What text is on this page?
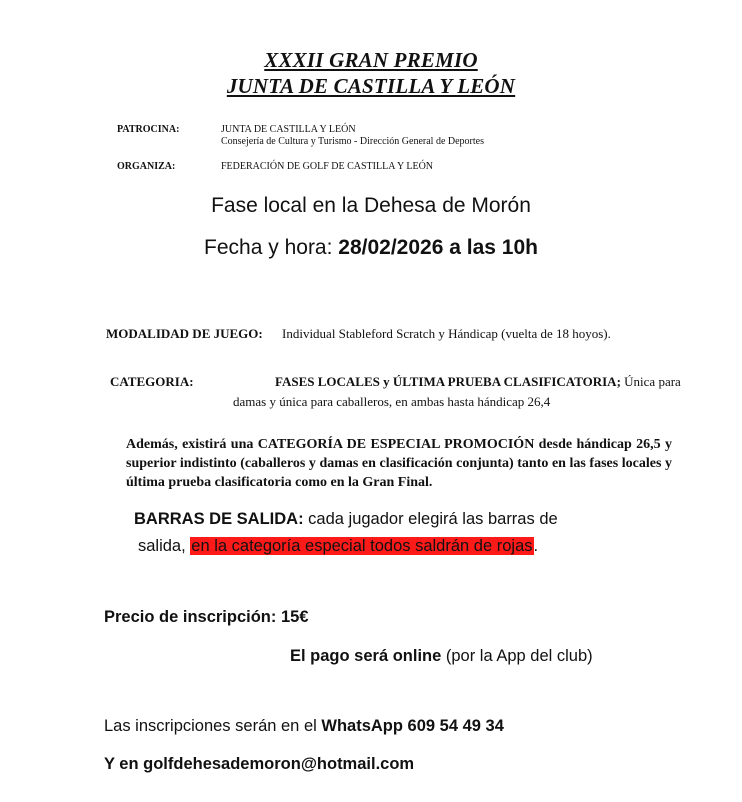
XXXII GRAN PREMIO
JUNTA DE CASTILLA Y LEÓN
PATROCINA:	JUNTA DE CASTILLA Y LEÓN
Consejería de Cultura y Turismo - Dirección General de Deportes
ORGANIZA:	FEDERACIÓN DE GOLF DE CASTILLA Y LEÓN
Fase local en la Dehesa de Morón
Fecha y hora: 28/02/2026 a las 10h
MODALIDAD DE JUEGO: Individual Stableford Scratch y Hándicap (vuelta de 18 hoyos).
CATEGORIA:	FASES LOCALES y ÚLTIMA PRUEBA CLASIFICATORIA; Única para
damas y única para caballeros, en ambas hasta hándicap 26,4
Además, existirá una CATEGORÍA DE ESPECIAL PROMOCIÓN desde hándicap 26,5 y superior indistinto (caballeros y damas en clasificación conjunta) tanto en las fases locales y última prueba clasificatoria como en la Gran Final.
BARRAS DE SALIDA: cada jugador elegirá las barras de
salida, en la categoría especial todos saldrán de rojas.
Precio de inscripción: 15€
El pago será online (por la App del club)
Las inscripciones serán en el WhatsApp 609 54 49 34
Y en golfdehesademoron@hotmail.com
